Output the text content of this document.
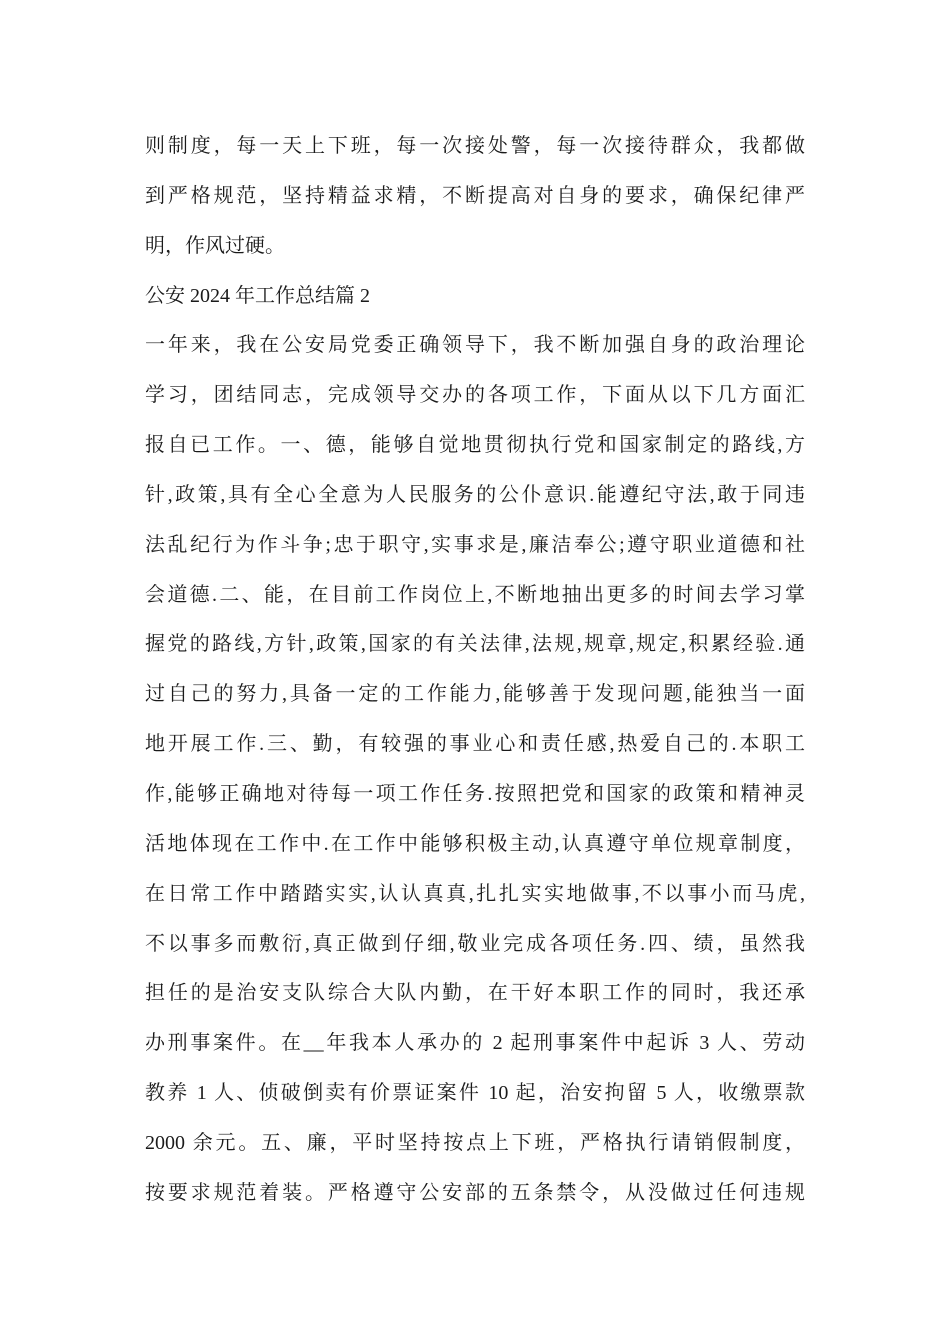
则制度，每一天上下班，每一次接处警，每一次接待群众，我都做
到严格规范，坚持精益求精，不断提高对自身的要求，确保纪律严
明，作风过硬。
公安 2024 年工作总结篇 2
一年来，我在公安局党委正确领导下，我不断加强自身的政治理论
学习，团结同志，完成领导交办的各项工作，下面从以下几方面汇
报自已工作。一、德，能够自觉地贯彻执行党和国家制定的路线,方
针,政策,具有全心全意为人民服务的公仆意识.能遵纪守法,敢于同违
法乱纪行为作斗争;忠于职守,实事求是,廉洁奉公;遵守职业道德和社
会道德.二、能，在目前工作岗位上,不断地抽出更多的时间去学习掌
握党的路线,方针,政策,国家的有关法律,法规,规章,规定,积累经验.通
过自己的努力,具备一定的工作能力,能够善于发现问题,能独当一面
地开展工作.三、勤，有较强的事业心和责任感,热爱自己的.本职工
作,能够正确地对待每一项工作任务.按照把党和国家的政策和精神灵
活地体现在工作中.在工作中能够积极主动,认真遵守单位规章制度，
在日常工作中踏踏实实,认认真真,扎扎实实地做事,不以事小而马虎,
不以事多而敷衍,真正做到仔细,敬业完成各项任务.四、绩，虽然我
担任的是治安支队综合大队内勤，在干好本职工作的同时，我还承
办刑事案件。在__年我本人承办的 2 起刑事案件中起诉 3 人、劳动
教养 1 人、侦破倒卖有价票证案件 10 起，治安拘留 5 人，收缴票款
2000 余元。五、廉，平时坚持按点上下班，严格执行请销假制度，
按要求规范着装。严格遵守公安部的五条禁令，从没做过任何违规
